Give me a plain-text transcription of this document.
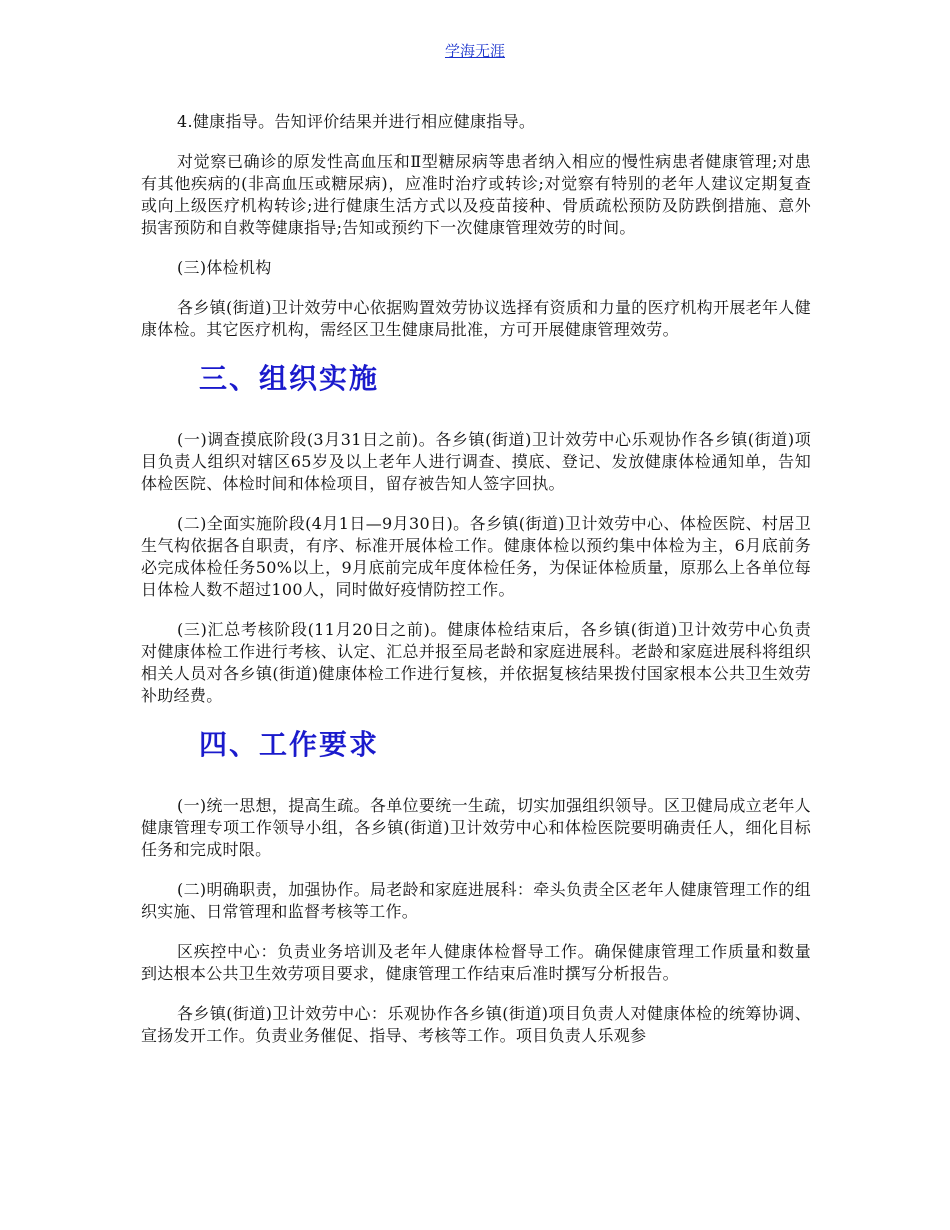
学海无涯

4.健康指导。告知评价结果并进行相应健康指导。

对觉察已确诊的原发性高血压和Ⅱ型糖尿病等患者纳入相应的慢性病患者健康管理;对患有其他疾病的(非高血压或糖尿病)，应准时治疗或转诊;对觉察有特别的老年人建议定期复查或向上级医疗机构转诊;进行健康生活方式以及疫苗接种、骨质疏松预防及防跌倒措施、意外损害预防和自救等健康指导;告知或预约下一次健康管理效劳的时间。

(三)体检机构

各乡镇(街道)卫计效劳中心依据购置效劳协议选择有资质和力量的医疗机构开展老年人健康体检。其它医疗机构，需经区卫生健康局批准，方可开展健康管理效劳。

三、组织实施

(一)调查摸底阶段(3月31日之前)。各乡镇(街道)卫计效劳中心乐观协作各乡镇(街道)项目负责人组织对辖区65岁及以上老年人进行调查、摸底、登记、发放健康体检通知单，告知体检医院、体检时间和体检项目，留存被告知人签字回执。

(二)全面实施阶段(4月1日—9月30日)。各乡镇(街道)卫计效劳中心、体检医院、村居卫生气构依据各自职责，有序、标准开展体检工作。健康体检以预约集中体检为主，6月底前务必完成体检任务50%以上，9月底前完成年度体检任务，为保证体检质量，原那么上各单位每日体检人数不超过100人，同时做好疫情防控工作。

(三)汇总考核阶段(11月20日之前)。健康体检结束后，各乡镇(街道)卫计效劳中心负责对健康体检工作进行考核、认定、汇总并报至局老龄和家庭进展科。老龄和家庭进展科将组织相关人员对各乡镇(街道)健康体检工作进行复核，并依据复核结果拨付国家根本公共卫生效劳补助经费。

四、工作要求

(一)统一思想，提高生疏。各单位要统一生疏，切实加强组织领导。区卫健局成立老年人健康管理专项工作领导小组，各乡镇(街道)卫计效劳中心和体检医院要明确责任人，细化目标任务和完成时限。

(二)明确职责，加强协作。局老龄和家庭进展科：牵头负责全区老年人健康管理工作的组织实施、日常管理和监督考核等工作。

区疾控中心：负责业务培训及老年人健康体检督导工作。确保健康管理工作质量和数量到达根本公共卫生效劳项目要求，健康管理工作结束后准时撰写分析报告。

各乡镇(街道)卫计效劳中心：乐观协作各乡镇(街道)项目负责人对健康体检的统筹协调、宣扬发开工作。负责业务催促、指导、考核等工作。项目负责人乐观参
